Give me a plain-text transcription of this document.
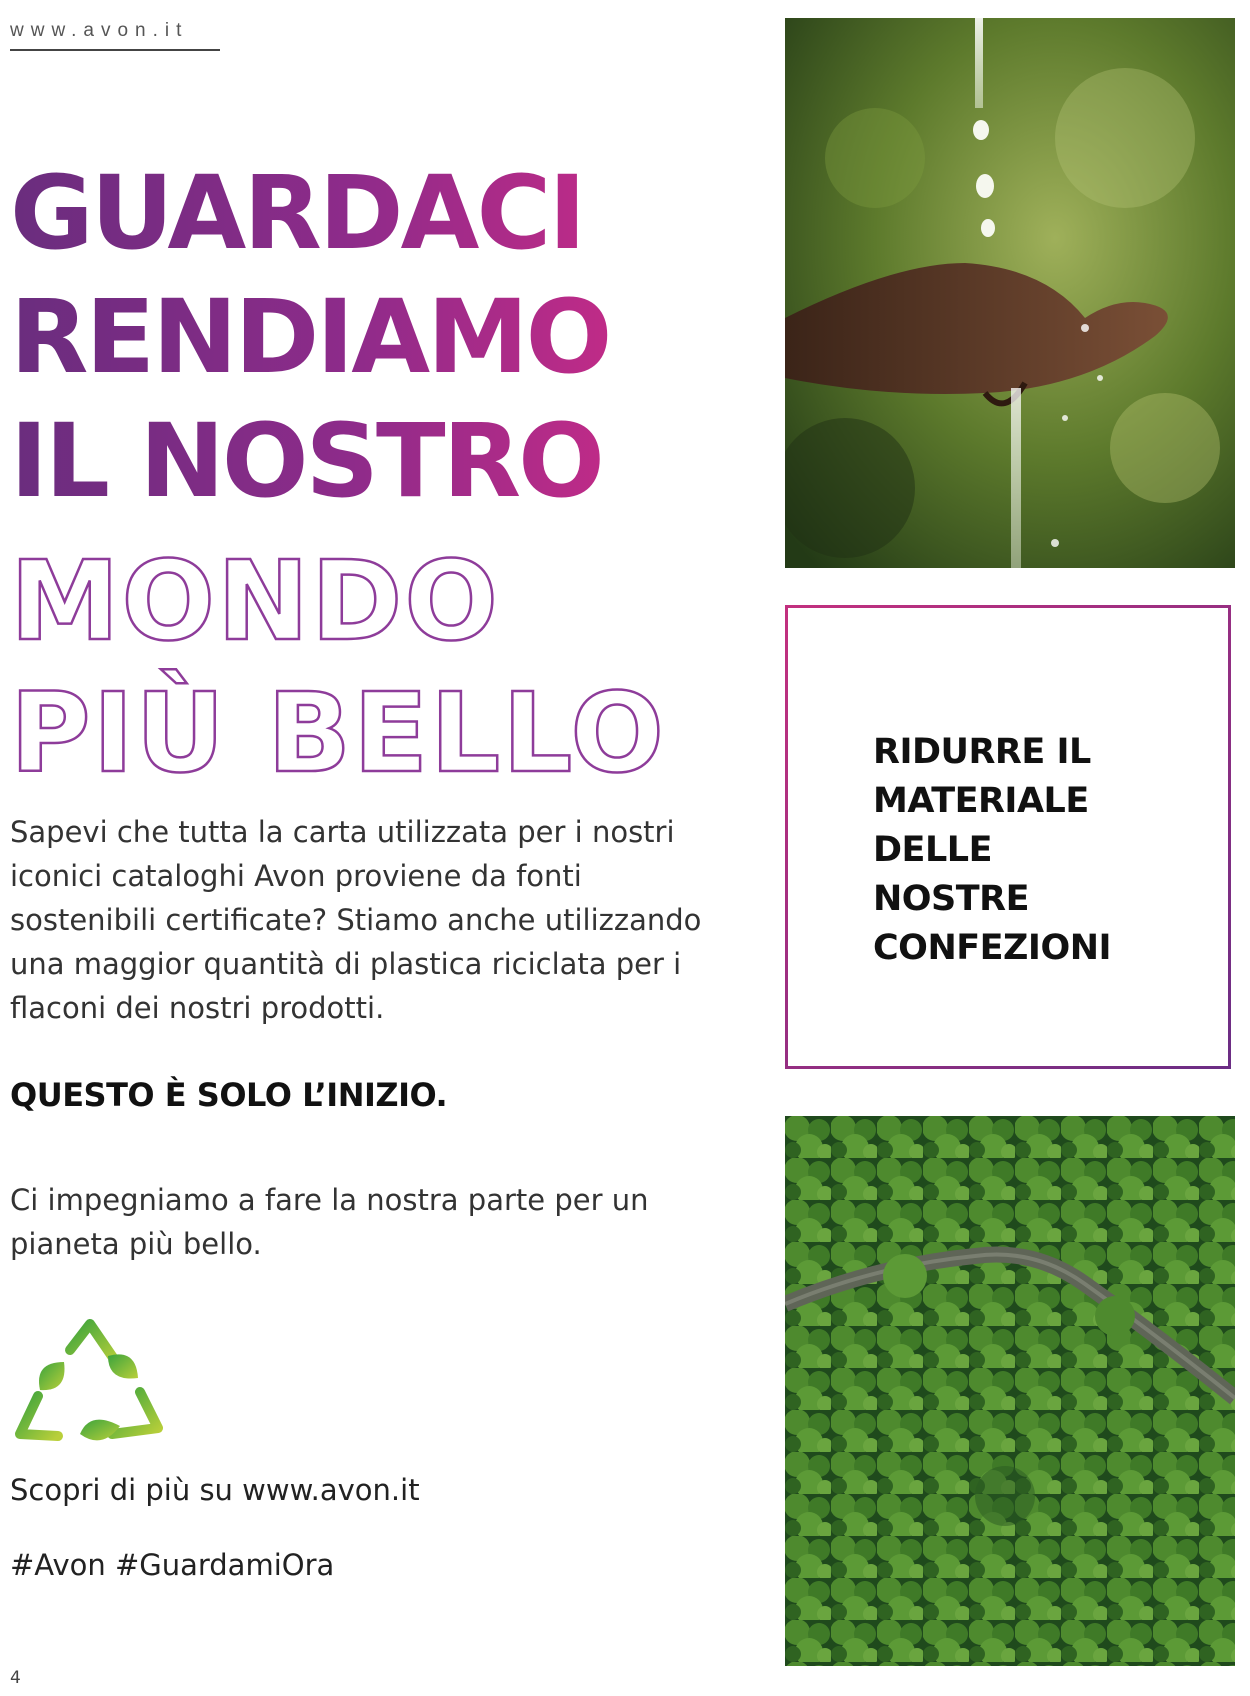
www.avon.it
GUARDACI
RENDIAMO
IL NOSTRO
MONDO
PIÙ BELLO

Sapevi che tutta la carta utilizzata per i nostri iconici cataloghi Avon proviene da fonti sostenibili certificate? Stiamo anche utilizzando una maggior quantità di plastica riciclata per i flaconi dei nostri prodotti.

QUESTO È SOLO L’INIZIO.

Ci impegniamo a fare la nostra parte per un pianeta più bello.

Scopri di più su www.avon.it

#Avon #GuardamiOra

4

RIDURRE IL
MATERIALE
DELLE
NOSTRE
CONFEZIONI
